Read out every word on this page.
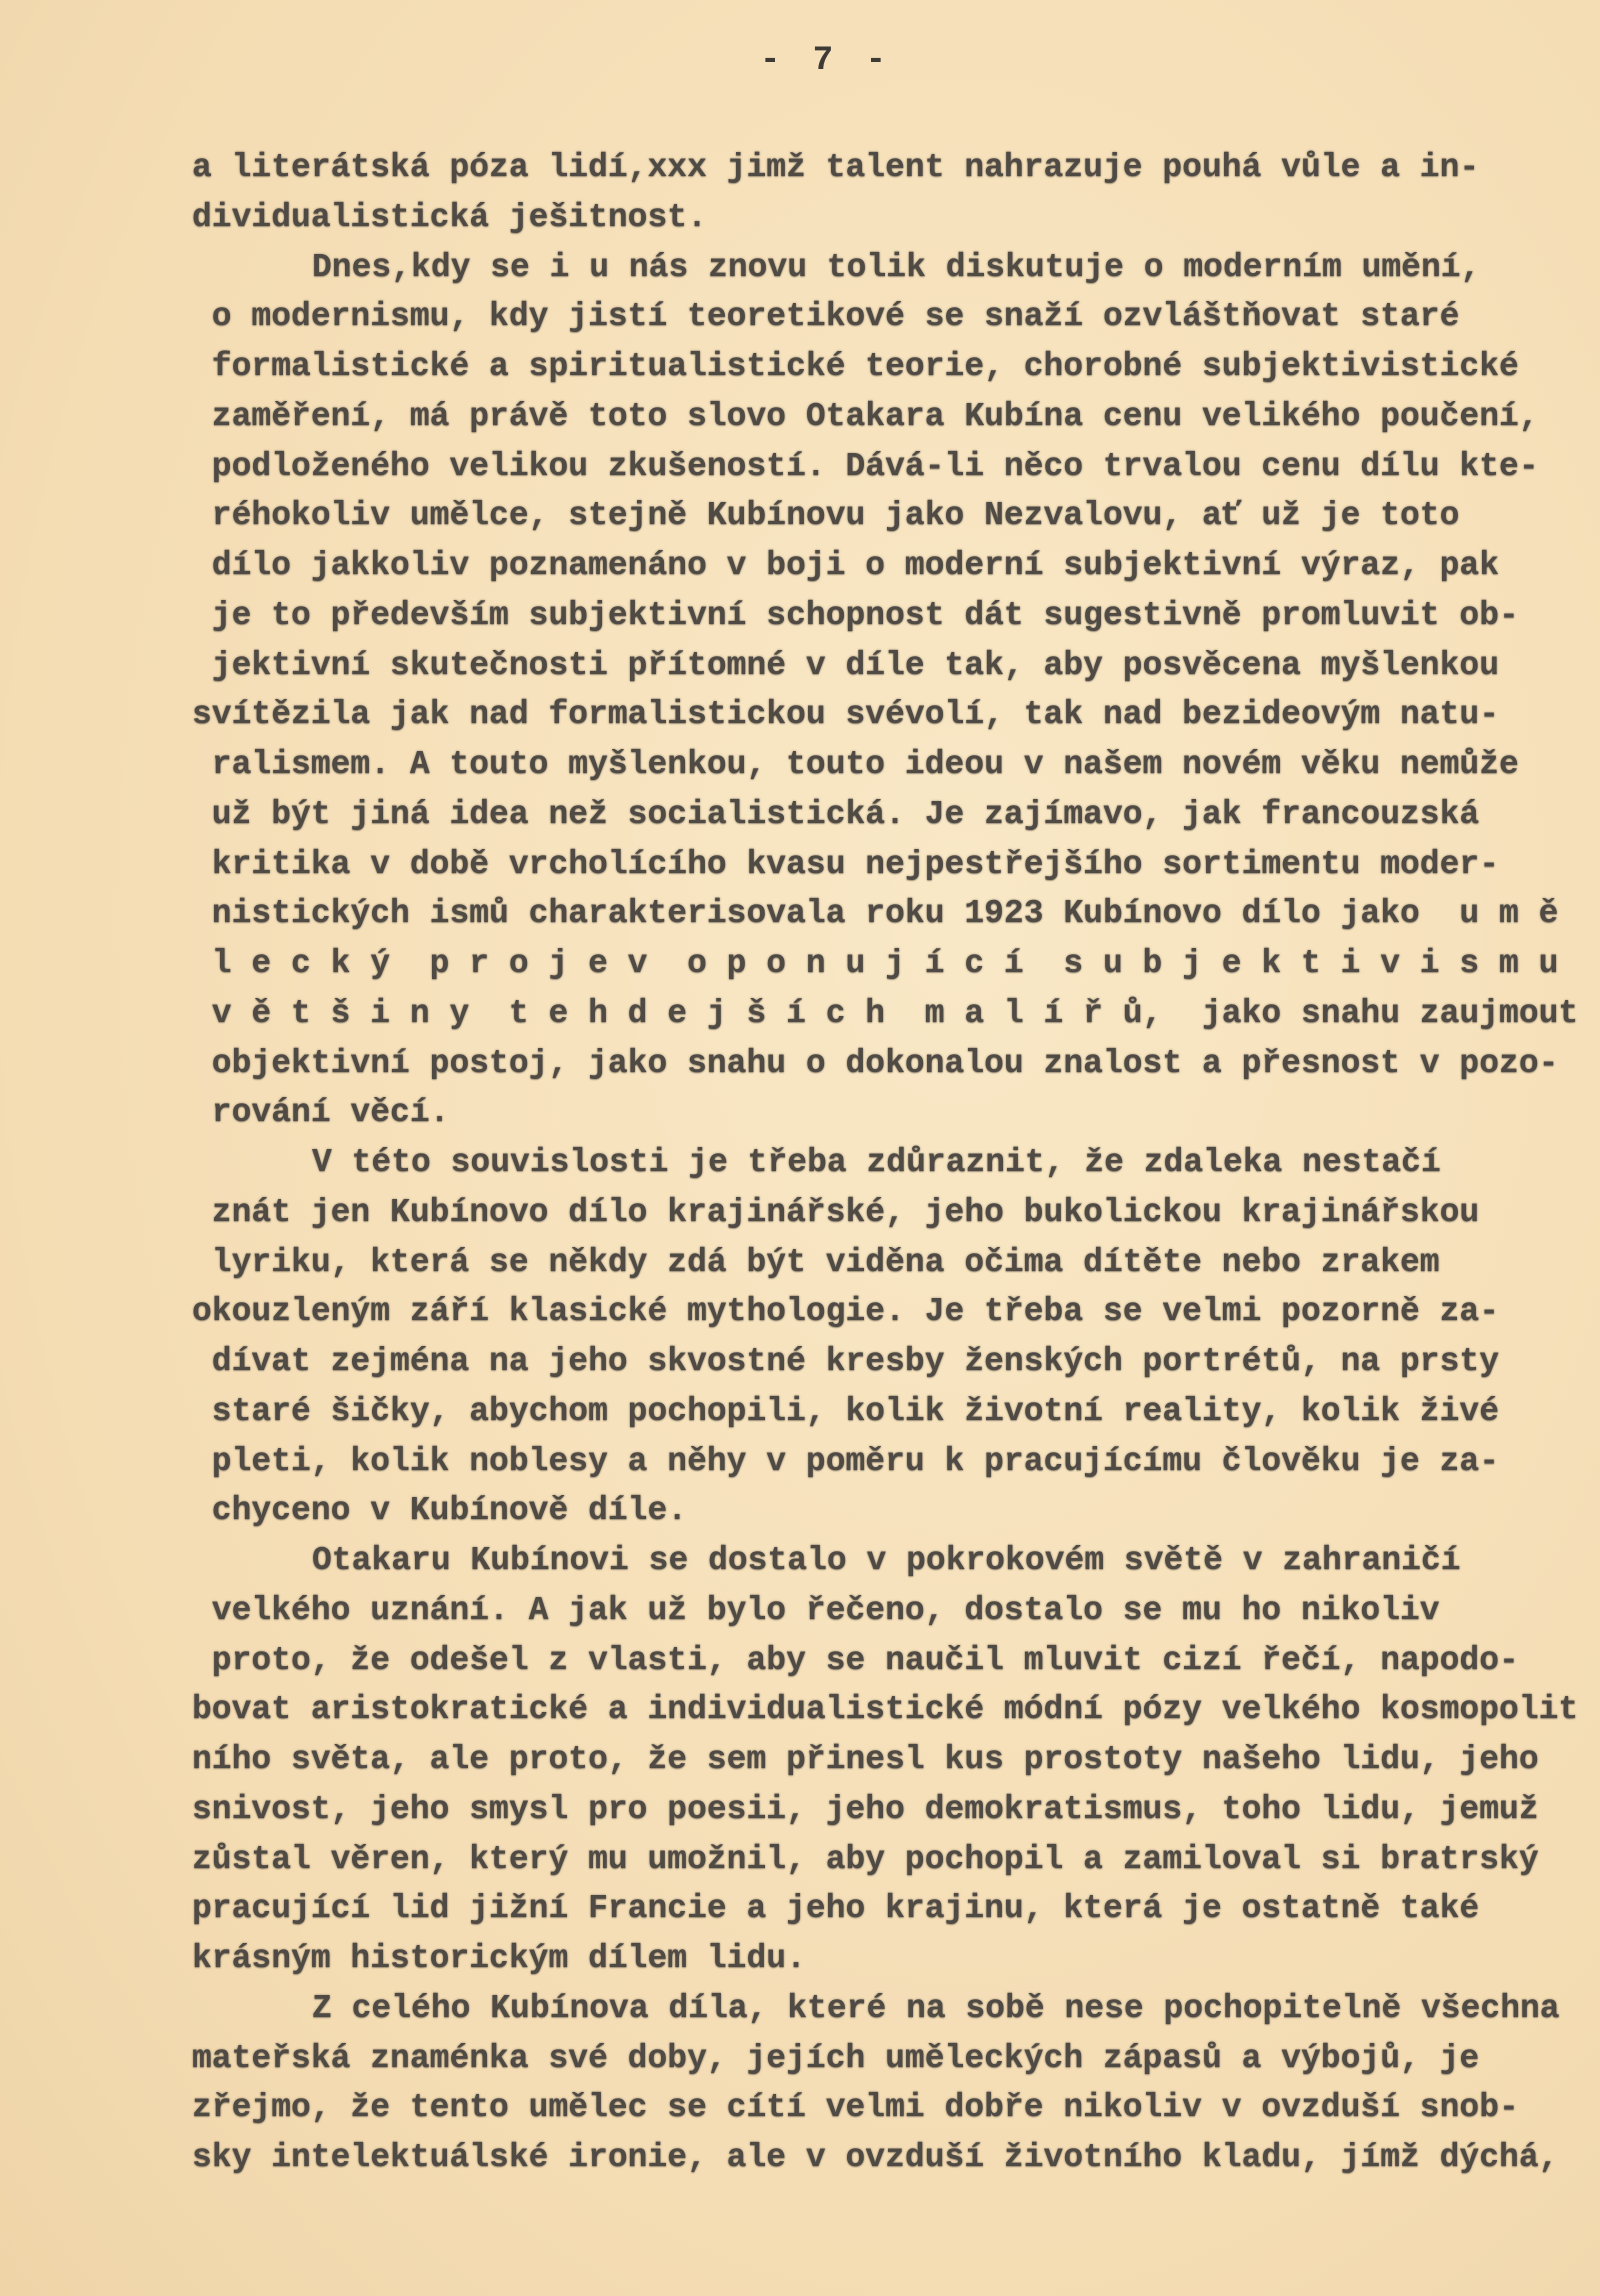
- 7 -
a literátská póza lidí,xxx jimž talent nahrazuje pouhá vůle a in-
dividualistická ješitnost.
Dnes,kdy se i u nás znovu tolik diskutuje o moderním umění,
o modernismu, kdy jistí teoretikové se snaží ozvláštňovat staré
formalistické a spiritualistické teorie, chorobné subjektivistické
zaměření, má právě toto slovo Otakara Kubína cenu velikého poučení,
podloženého velikou zkušeností. Dává-li něco trvalou cenu dílu kte-
réhokoliv umělce, stejně Kubínovu jako Nezvalovu, ať už je toto
dílo jakkoliv poznamenáno v boji o moderní subjektivní výraz, pak
je to především subjektivní schopnost dát sugestivně promluvit ob-
jektivní skutečnosti přítomné v díle tak, aby posvěcena myšlenkou
svítězila jak nad formalistickou svévolí, tak nad bezideovým natu-
ralismem. A touto myšlenkou, touto ideou v našem novém věku nemůže
už být jiná idea než socialistická. Je zajímavo, jak francouzská
kritika v době vrcholícího kvasu nejpestřejšího sortimentu moder-
nistických ismů charakterisovala roku 1923 Kubínovo dílo jako  u m ě
l e c k ý  p r o j e v  o p o n u j í c í  s u b j e k t i v i s m u
v ě t š i n y  t e h d e j š í c h  m a l í ř ů,  jako snahu zaujmout
objektivní postoj, jako snahu o dokonalou znalost a přesnost v pozo-
rování věcí.
V této souvislosti je třeba zdůraznit, že zdaleka nestačí
znát jen Kubínovo dílo krajinářské, jeho bukolickou krajinářskou
lyriku, která se někdy zdá být viděna očima dítěte nebo zrakem
okouzleným září klasické mythologie. Je třeba se velmi pozorně za-
dívat zejména na jeho skvostné kresby ženských portrétů, na prsty
staré šičky, abychom pochopili, kolik životní reality, kolik živé
pleti, kolik noblesy a něhy v poměru k pracujícímu člověku je za-
chyceno v Kubínově díle.
Otakaru Kubínovi se dostalo v pokrokovém světě v zahraničí
velkého uznání. A jak už bylo řečeno, dostalo se mu ho nikoliv
proto, že odešel z vlasti, aby se naučil mluvit cizí řečí, napodo-
bovat aristokratické a individualistické módní pózy velkého kosmopolit
ního světa, ale proto, že sem přinesl kus prostoty našeho lidu, jeho
snivost, jeho smysl pro poesii, jeho demokratismus, toho lidu, jemuž
zůstal věren, který mu umožnil, aby pochopil a zamiloval si bratrský
pracující lid jižní Francie a jeho krajinu, která je ostatně také
krásným historickým dílem lidu.
Z celého Kubínova díla, které na sobě nese pochopitelně všechna
mateřská znaménka své doby, jejích uměleckých zápasů a výbojů, je
zřejmo, že tento umělec se cítí velmi dobře nikoliv v ovzduší snob-
sky intelektuálské ironie, ale v ovzduší životního kladu, jímž dýchá,
